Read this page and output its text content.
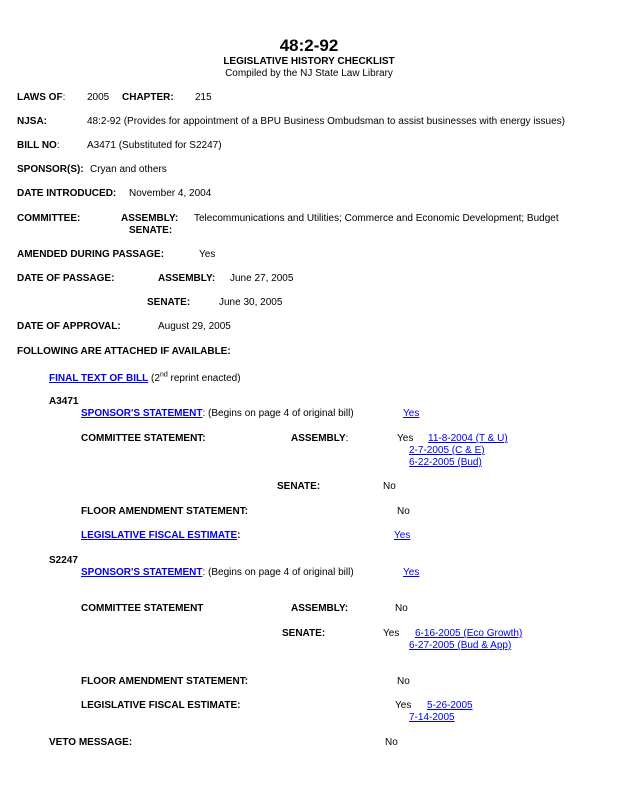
48:2-92
LEGISLATIVE HISTORY CHECKLIST
Compiled by the NJ State Law Library
LAWS OF: 2005 CHAPTER: 215
NJSA:	48:2-92 (Provides for appointment of a BPU Business Ombudsman to assist businesses with energy issues)
BILL NO:	A3471 (Substituted for S2247)
SPONSOR(S): Cryan and others
DATE INTRODUCED: November 4, 2004
COMMITTEE:	ASSEMBLY: Telecommunications and Utilities; Commerce and Economic Development; Budget
SENATE:
AMENDED DURING PASSAGE:	Yes
DATE OF PASSAGE:	ASSEMBLY: June 27, 2005
SENATE:	June 30, 2005
DATE OF APPROVAL:	August 29, 2005
FOLLOWING ARE ATTACHED IF AVAILABLE:
FINAL TEXT OF BILL (2nd reprint enacted)
A3471
SPONSOR'S STATEMENT: (Begins on page 4 of original bill)	Yes
COMMITTEE STATEMENT:	ASSEMBLY:	Yes 11-8-2004 (T & U)
2-7-2005 (C & E)
6-22-2005 (Bud)
SENATE:	No
FLOOR AMENDMENT STATEMENT:	No
LEGISLATIVE FISCAL ESTIMATE:	Yes
S2247
SPONSOR'S STATEMENT: (Begins on page 4 of original bill)	Yes
COMMITTEE STATEMENT	ASSEMBLY:	No
SENATE:	Yes 6-16-2005 (Eco Growth)
6-27-2005 (Bud & App)
FLOOR AMENDMENT STATEMENT:	No
LEGISLATIVE FISCAL ESTIMATE:	Yes 5-26-2005
7-14-2005
VETO MESSAGE:	No
